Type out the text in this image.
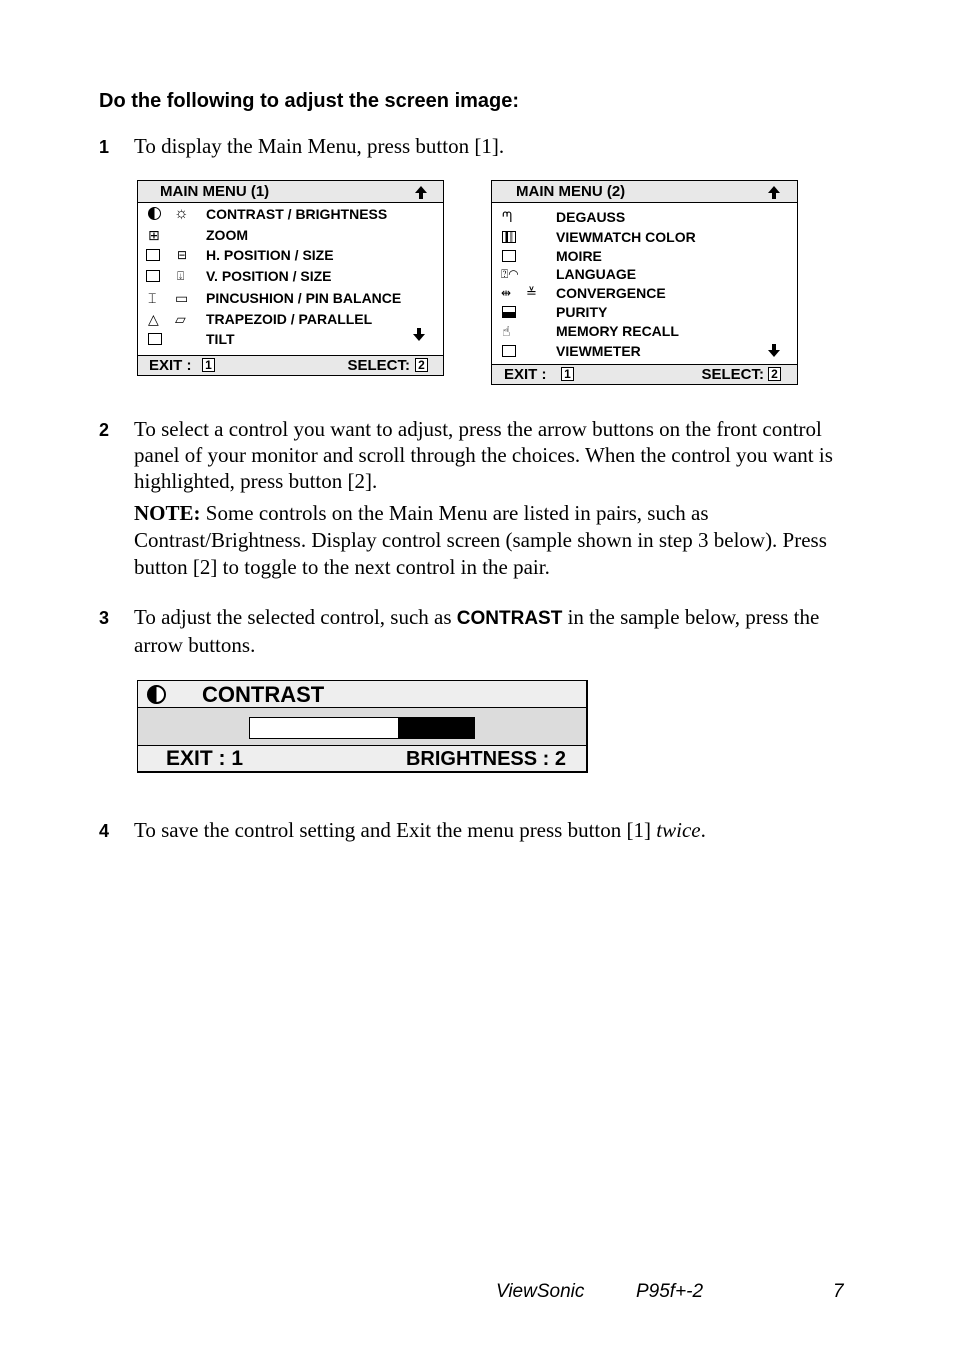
Do the following to adjust the screen image:
1 To display the Main Menu, press button [1].
MAIN MENU (1)
☼ CONTRAST / BRIGHTNESS
⊞	ZOOM
⊟ H. POSITION / SIZE
⍗ V. POSITION / SIZE
⌶ ▭ PINCUSHION / PIN BALANCE
△ ▱ TRAPEZOID / PARALLEL
TILT
EXIT : 1	SELECT: 2
MAIN MENU (2)
ᘉ	DEGAUSS
VIEWMATCH COLOR
MOIRE
⍰◠	LANGUAGE
⇹ ≚ CONVERGENCE
PURITY
☝	MEMORY RECALL
VIEWMETER
EXIT : 1	SELECT: 2
2 To select a control you want to adjust, press the arrow buttons on the front control panel of your monitor and scroll through the choices. When the control you want is highlighted, press button [2].
NOTE: Some controls on the Main Menu are listed in pairs, such as Contrast/Brightness. Display control screen (sample shown in step 3 below). Press button [2] to toggle to the next control in the pair.
3 To adjust the selected control, such as CONTRAST in the sample below, press the arrow buttons.
CONTRAST
EXIT : 1	BRIGHTNESS : 2
4 To save the control setting and Exit the menu press button [1] twice.
ViewSonic	P95f+-2	7
